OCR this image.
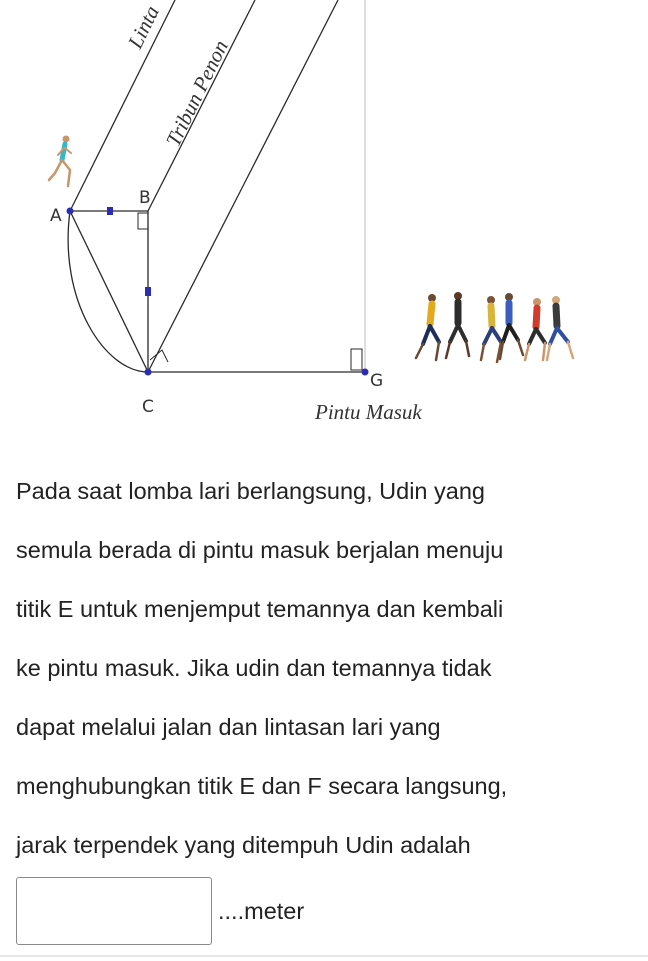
Linta
Tribun Penon
A
B
C
G
Pintu Masuk

Pada saat lomba lari berlangsung, Udin yang
semula berada di pintu masuk berjalan menuju
titik E untuk menjemput temannya dan kembali
ke pintu masuk. Jika udin dan temannya tidak
dapat melalui jalan dan lintasan lari yang
menghubungkan titik E dan F secara langsung,
jarak terpendek yang ditempuh Udin adalah

....meter
